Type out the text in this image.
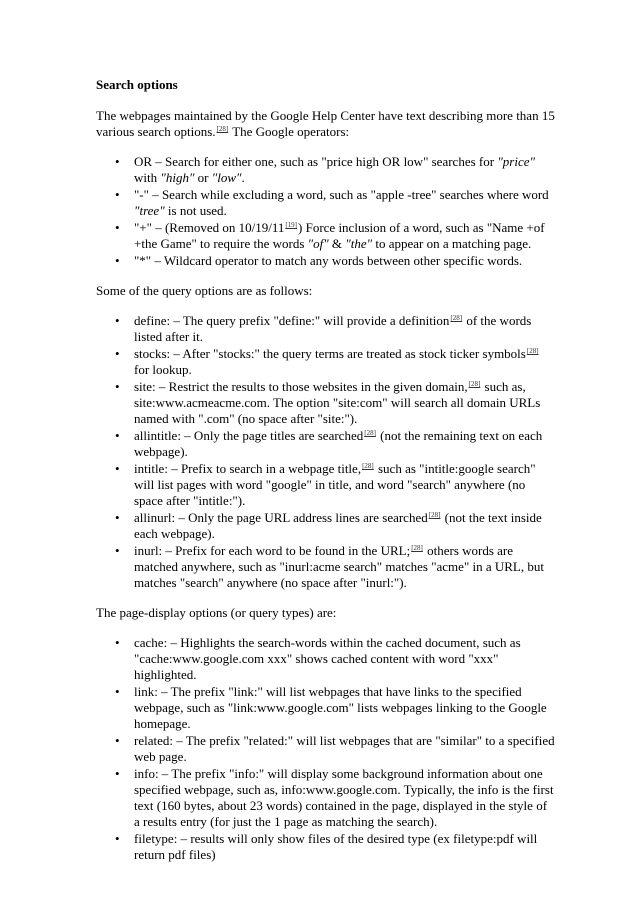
Search options

The webpages maintained by the Google Help Center have text describing more than 15 various search options.[28] The Google operators:

• OR – Search for either one, such as "price high OR low" searches for "price" with "high" or "low".
• "-" – Search while excluding a word, such as "apple -tree" searches where word "tree" is not used.
• "+" – (Removed on 10/19/11[19]) Force inclusion of a word, such as "Name +of +the Game" to require the words "of" & "the" to appear on a matching page.
• "*" – Wildcard operator to match any words between other specific words.

Some of the query options are as follows:

• define: – The query prefix "define:" will provide a definition[28] of the words listed after it.
• stocks: – After "stocks:" the query terms are treated as stock ticker symbols[28] for lookup.
• site: – Restrict the results to those websites in the given domain,[28] such as, site:www.acmeacme.com. The option "site:com" will search all domain URLs named with ".com" (no space after "site:").
• allintitle: – Only the page titles are searched[28] (not the remaining text on each webpage).
• intitle: – Prefix to search in a webpage title,[28] such as "intitle:google search" will list pages with word "google" in title, and word "search" anywhere (no space after "intitle:").
• allinurl: – Only the page URL address lines are searched[28] (not the text inside each webpage).
• inurl: – Prefix for each word to be found in the URL;[28] others words are matched anywhere, such as "inurl:acme search" matches "acme" in a URL, but matches "search" anywhere (no space after "inurl:").

The page-display options (or query types) are:

• cache: – Highlights the search-words within the cached document, such as "cache:www.google.com xxx" shows cached content with word "xxx" highlighted.
• link: – The prefix "link:" will list webpages that have links to the specified webpage, such as "link:www.google.com" lists webpages linking to the Google homepage.
• related: – The prefix "related:" will list webpages that are "similar" to a specified web page.
• info: – The prefix "info:" will display some background information about one specified webpage, such as, info:www.google.com. Typically, the info is the first text (160 bytes, about 23 words) contained in the page, displayed in the style of a results entry (for just the 1 page as matching the search).
• filetype: – results will only show files of the desired type (ex filetype:pdf will return pdf files)
